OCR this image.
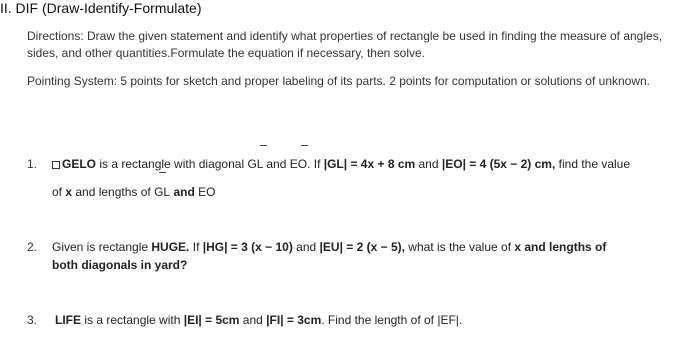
II. DIF (Draw-Identify-Formulate)
Directions: Draw the given statement and identify what properties of rectangle be used in finding the measure of angles, sides, and other quantities.Formulate the equation if necessary, then solve.
Pointing System: 5 points for sketch and proper labeling of its parts. 2 points for computation or solutions of unknown.
1.	GELO is a rectangle with diagonal GL and EO. If |GL| = 4x + 8 cm and |EO| = 4 (5x − 2) cm, find the value
of x and lengths of GL and EO
2. Given is rectangle HUGE. If |HG| = 3 (x − 10) and |EU| = 2 (x − 5), what is the value of x and lengths of
both diagonals in yard?
3. LIFE is a rectangle with |EI| = 5cm and |FI| = 3cm. Find the length of of |EF|.
